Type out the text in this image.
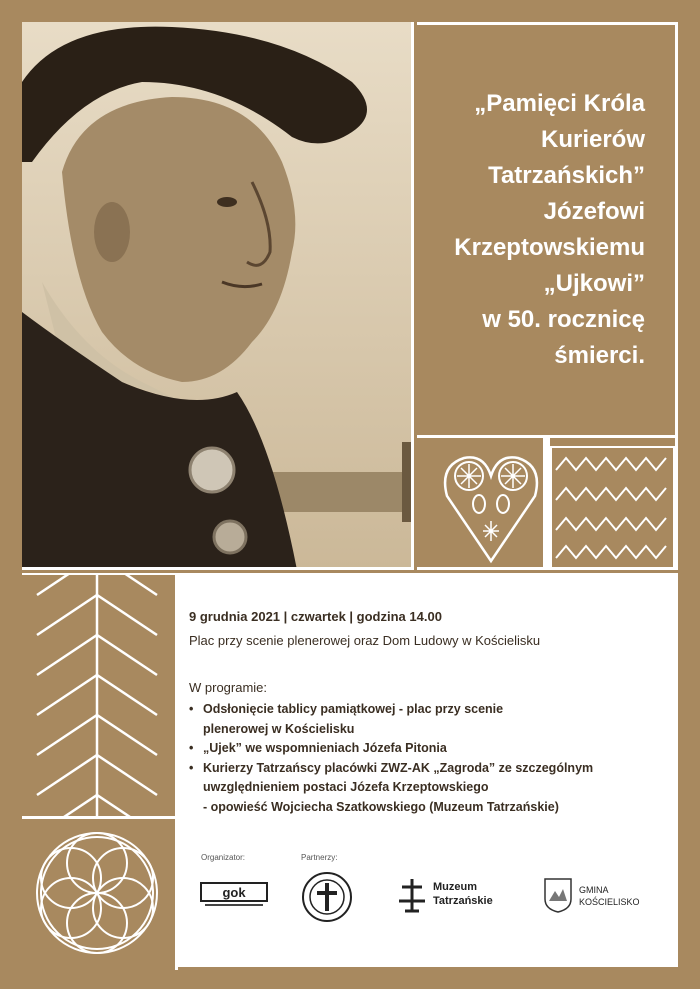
„Pamięci Króla
Kurierów
Tatrzańskich”
Józefowi
Krzeptowskiemu
„Ujkowi”
w 50. rocznicę
śmierci.
9 grudnia 2021 | czwartek | godzina 14.00
Plac przy scenie plenerowej oraz Dom Ludowy w Kościelisku
W programie:
• Odsłonięcie tablicy pamiątkowej - plac przy scenie
plenerowej w Kościelisku
• „Ujek” we wspomnieniach Józefa Pitonia
• Kurierzy Tatrzańscy placówki ZWZ-AK „Zagroda” ze szczególnym
uwzględnieniem postaci Józefa Krzeptowskiego
- opowieść Wojciecha Szatkowskiego (Muzeum Tatrzańskie)
Organizator:	Partnerzy:
gok	Muzeum
Tatrzańskie
GMINA
KOŚCIELISKO
